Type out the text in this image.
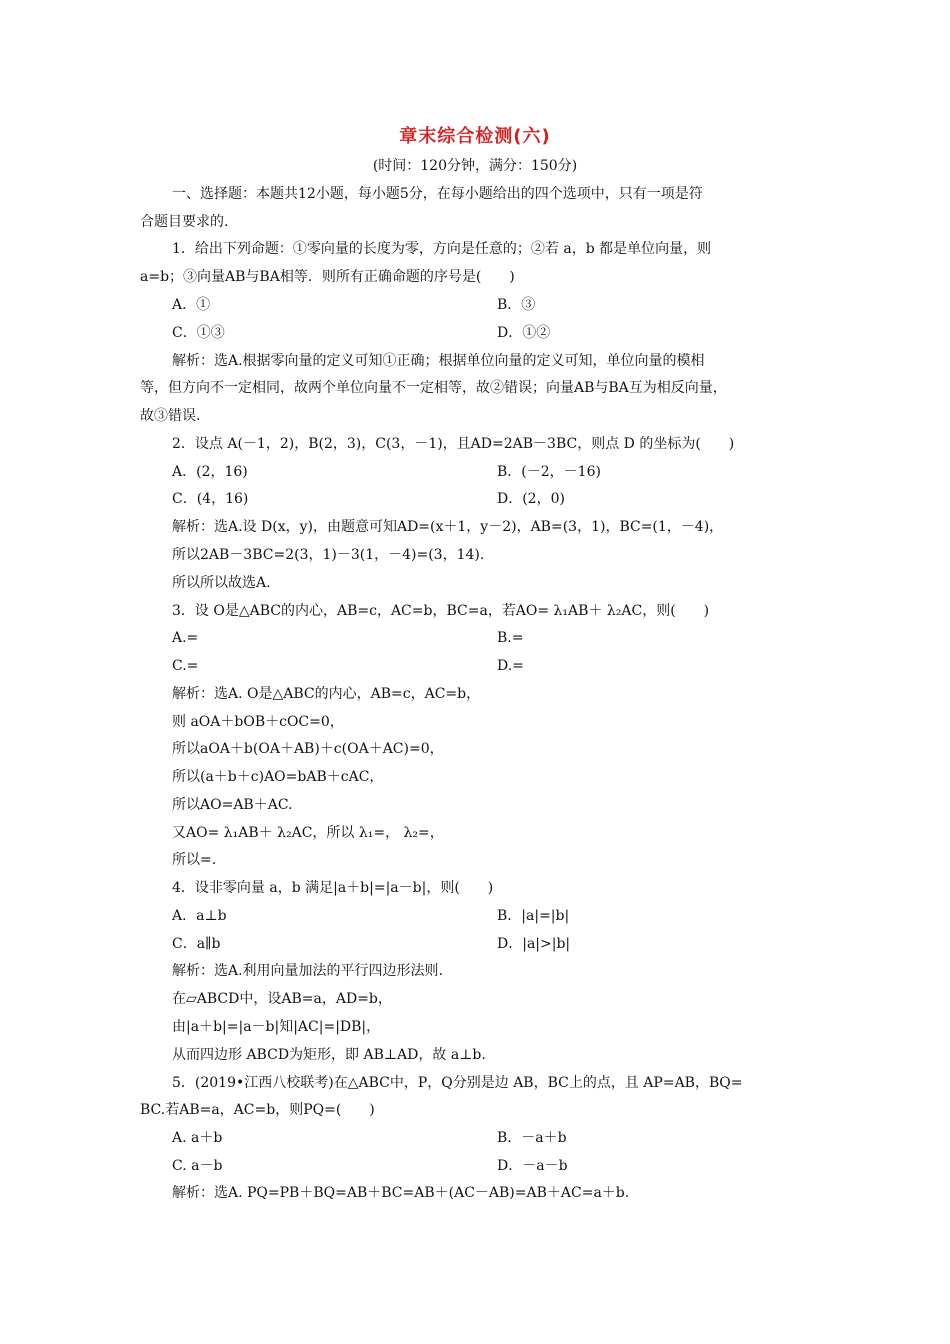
章末综合检测(六)
(时间：120分钟，满分：150分)
一、选择题：本题共12小题，每小题5分，在每小题给出的四个选项中，只有一项是符
合题目要求的.
1．给出下列命题：①零向量的长度为零，方向是任意的；②若 a，b 都是单位向量，则
a=b；③向量AB与BA相等．则所有正确命题的序号是(　　)
A．①	B．③
C．①③	D．①②
解析：选A.根据零向量的定义可知①正确；根据单位向量的定义可知，单位向量的模相
等，但方向不一定相同，故两个单位向量不一定相等，故②错误；向量AB与BA互为相反向量，
故③错误.
2．设点 A(－1，2)，B(2，3)，C(3，－1)，且AD=2AB－3BC，则点 D 的坐标为(　　)
A．(2，16)	B．(－2，－16)
C．(4，16)	D．(2，0)
解析：选A.设 D(x，y)，由题意可知AD=(x＋1，y－2)，AB=(3，1)，BC=(1，－4)，
所以2AB－3BC=2(3，1)－3(1，－4)=(3，14).
所以所以故选A.
3．设 O是△ABC的内心，AB=c，AC=b，BC=a，若AO= λ₁AB＋ λ₂AC，则(　　)
A.=	B.=
C.=	D.=
解析：选A. O是△ABC的内心，AB=c，AC=b，
则 aOA＋bOB＋cOC=0，
所以aOA＋b(OA＋AB)＋c(OA＋AC)=0，
所以(a＋b＋c)AO=bAB＋cAC，
所以AO=AB＋AC.
又AO= λ₁AB＋ λ₂AC，所以 λ₁=， λ₂=，
所以=.
4．设非零向量 a，b 满足|a＋b|=|a－b|，则(　　)
A．a⊥b	B．|a|=|b|
C．a∥b	D．|a|>|b|
解析：选A.利用向量加法的平行四边形法则.
在▱ABCD中，设AB=a，AD=b，
由|a＋b|=|a－b|知|AC|=|DB|，
从而四边形 ABCD为矩形，即 AB⊥AD，故 a⊥b.
5．(2019•江西八校联考)在△ABC中，P，Q分别是边 AB，BC上的点，且 AP=AB，BQ=
BC.若AB=a，AC=b，则PQ=(　　)
A. a＋b	B．－a＋b
C. a－b	D．－a－b
解析：选A. PQ=PB＋BQ=AB＋BC=AB＋(AC－AB)=AB＋AC=a＋b.
